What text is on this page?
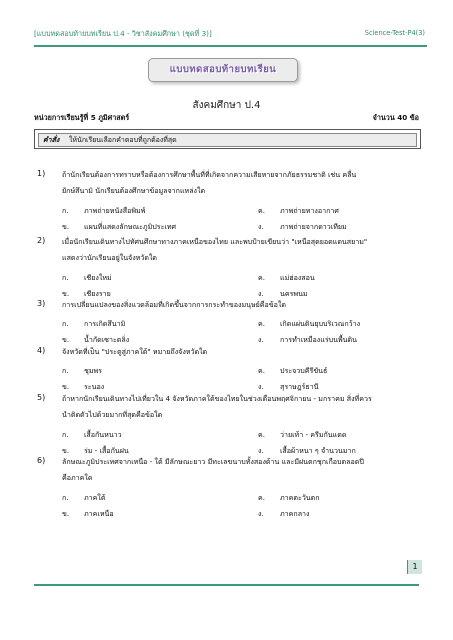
[แบบทดสอบท้ายบทเรียน ป.4 - วิชาสังคมศึกษา (ชุดที่ 3)]	Science-Test-P4(3)
แบบทดสอบท้ายบทเรียน
สังคมศึกษา ป.4
หน่วยการเรียนรู้ที่ 5 ภูมิศาสตร์	จำนวน 40 ข้อ
คำสั่ง ให้นักเรียนเลือกคำตอบที่ถูกต้องที่สุด
1) ถ้านักเรียนต้องการทราบหรือต้องการศึกษาพื้นที่ที่เกิดจากความเสียหายจากภัยธรรมชาติ เช่น คลื่น
ยักษ์สึนามิ นักเรียนต้องศึกษาข้อมูลจากแหล่งใด
ก. ภาพถ่ายหนังสือพิมพ์	ค. ภาพถ่ายทางอากาศ
ข. แผนที่แสดงลักษณะภูมิประเทศ	ง. ภาพถ่ายจากดาวเทียม
2) เมื่อนักเรียนเดินทางไปทัศนศึกษาทางภาคเหนือของไทย และพบป้ายเขียนว่า "เหนือสุดยอดแดนสยาม"
แสดงว่านักเรียนอยู่ในจังหวัดใด
ก. เชียงใหม่	ค. แม่ฮ่องสอน
ข. เชียงราย	ง. นครพนม
3) การเปลี่ยนแปลงของสิ่งแวดล้อมที่เกิดขึ้นจากการกระทำของมนุษย์คือข้อใด
ก. การเกิดสึนามิ	ค. เกิดแผ่นดินยุบบริเวณกว้าง
ข. น้ำกัดเซาะตลิ่ง	ง. การทำเหมืองแร่บนพื้นดิน
4) จังหวัดที่เป็น "ประตูสู่ภาคใต้" หมายถึงจังหวัดใด
ก. ชุมพร	ค. ประจวบคีรีขันธ์
ข. ระนอง	ง. สุราษฎร์ธานี
5) ถ้าหากนักเรียนเดินทางไปเที่ยวใน 4 จังหวัดภาคใต้ของไทยในช่วงเดือนพฤศจิกายน - มกราคม สิ่งที่ควร
นำติดตัวไปด้วยมากที่สุดคือข้อใด
ก. เสื้อกันหนาว	ค. ว่ายเท้า - ครีมกันแดด
ข. ร่ม - เสื้อกันฝน	ง. เสื้อผ้าหนา ๆ จำนวนมาก
6) ลักษณะภูมิประเทศจากเหนือ - ใต้ มีลักษณะยาว มีทะเลขนาบทั้งสองด้าน และมีฝนตกชุกเกือบตลอดปี
คือภาคใด
ก. ภาคใต้	ค. ภาคตะวันตก
ข. ภาคเหนือ	ง. ภาคกลาง
1
